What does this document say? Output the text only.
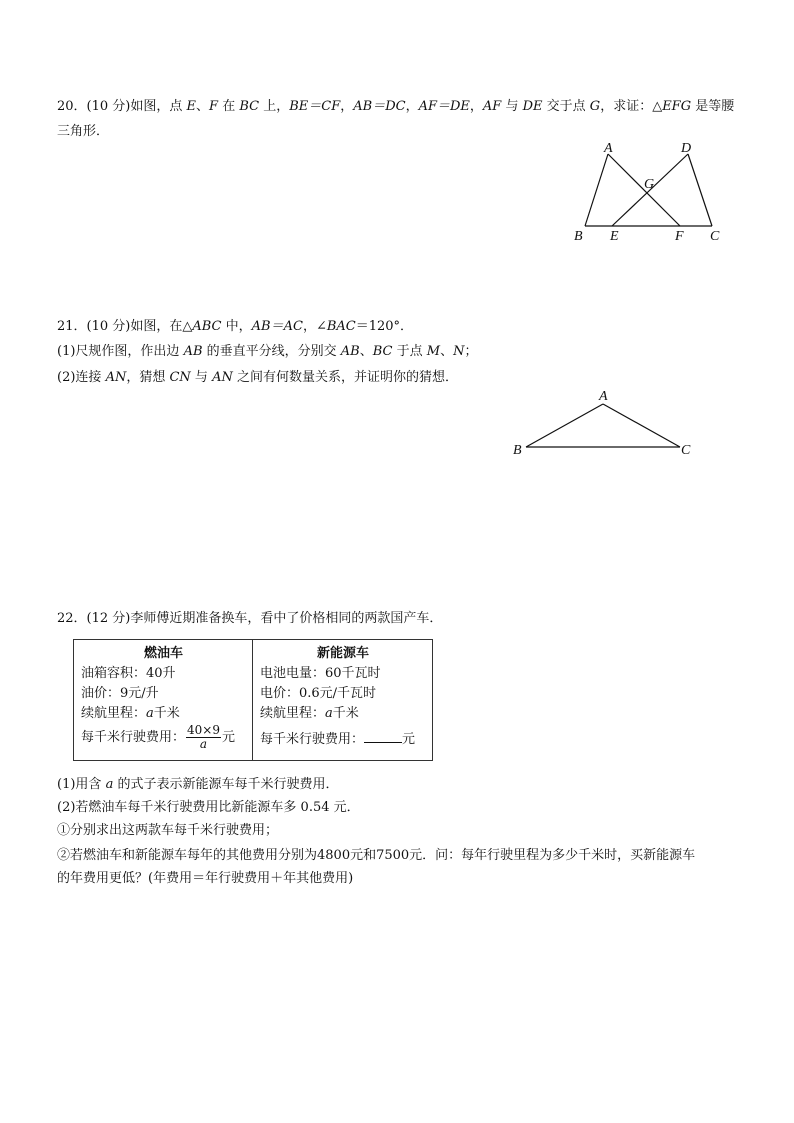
20．(10 分)如图，点 E、F 在 BC 上，BE＝CF，AB＝DC，AF＝DE，AF 与 DE 交于点 G，求证：△EFG 是等腰
三角形．
A	D
G
B E	F C
21．(10 分)如图，在△ABC 中，AB＝AC，∠BAC＝120°．
(1)尺规作图，作出边 AB 的垂直平分线，分别交 AB、BC 于点 M、N；
(2)连接 AN，猜想 CN 与 AN 之间有何数量关系，并证明你的猜想．
A
B	C
22．(12 分)李师傅近期准备换车，看中了价格相同的两款国产车．
燃油车
油箱容积：40升
油价：9元/升
续航里程：a千米
每千米行驶费用： $\frac{40\times 9}{a}$ 元

新能源车
电池电量：60千瓦时
电价：0.6元/千瓦时
续航里程：a千米
每千米行驶费用：	元
(1)用含 a 的式子表示新能源车每千米行驶费用．
(2)若燃油车每千米行驶费用比新能源车多 0.54 元．
①分别求出这两款车每千米行驶费用；
②若燃油车和新能源车每年的其他费用分别为4800元和7500元．问：每年行驶里程为多少千米时，买新能源车
的年费用更低？(年费用＝年行驶费用＋年其他费用)
